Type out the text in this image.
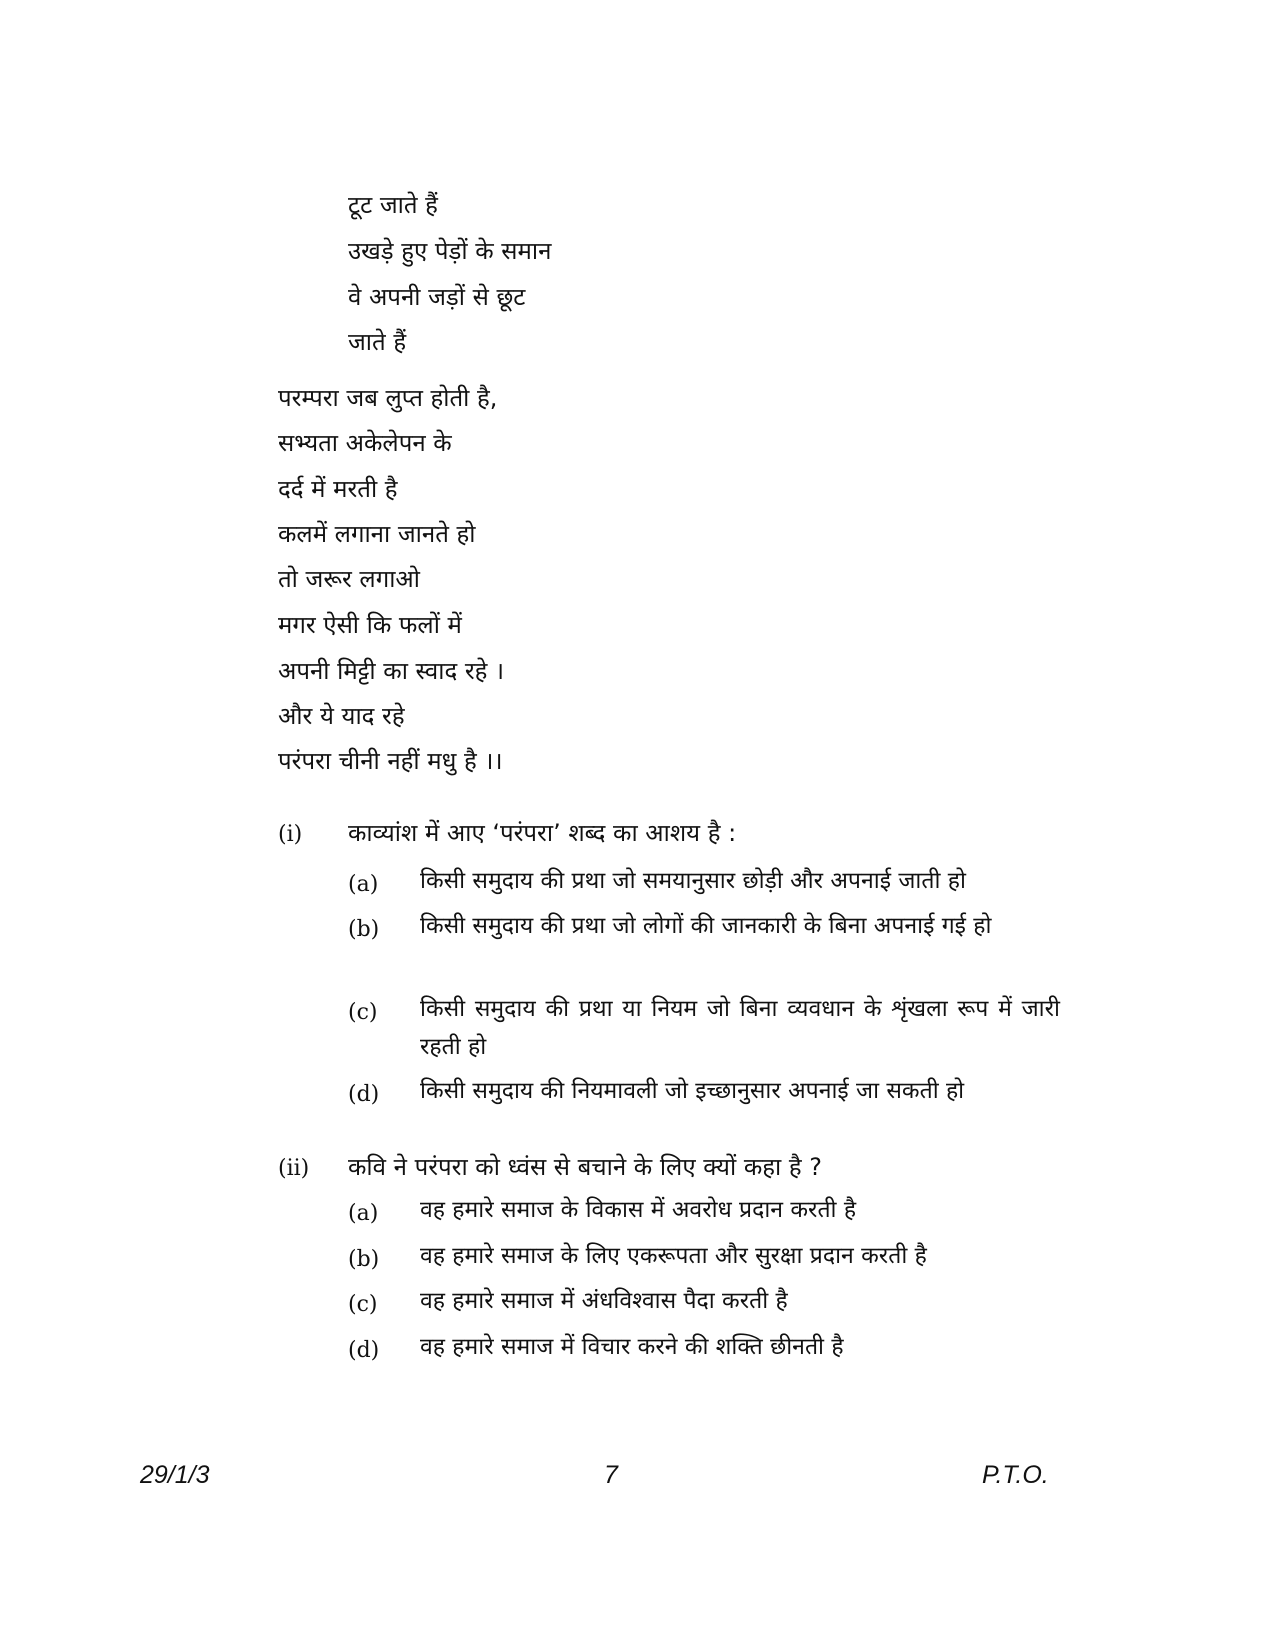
टूट जाते हैं
उखड़े हुए पेड़ों के समान
वे अपनी जड़ों से छूट
जाते हैं
परम्परा जब लुप्त होती है,
सभ्यता अकेलेपन के
दर्द में मरती है
कलमें लगाना जानते हो
तो जरूर लगाओ
मगर ऐसी कि फलों में
अपनी मिट्टी का स्वाद रहे ।
और ये याद रहे
परंपरा चीनी नहीं मधु है ।।
(i) काव्यांश में आए ‘परंपरा’ शब्द का आशय है :
(a) किसी समुदाय की प्रथा जो समयानुसार छोड़ी और अपनाई जाती हो
(b) किसी समुदाय की प्रथा जो लोगों की जानकारी के बिना अपनाई गई हो
(c) किसी समुदाय की प्रथा या नियम जो बिना व्यवधान के शृंखला रूप में जारी रहती हो
(d) किसी समुदाय की नियमावली जो इच्छानुसार अपनाई जा सकती हो
(ii) कवि ने परंपरा को ध्वंस से बचाने के लिए क्यों कहा है ?
(a) वह हमारे समाज के विकास में अवरोध प्रदान करती है
(b) वह हमारे समाज के लिए एकरूपता और सुरक्षा प्रदान करती है
(c) वह हमारे समाज में अंधविश्वास पैदा करती है
(d) वह हमारे समाज में विचार करने की शक्ति छीनती है
29/1/3	7	P.T.O.
